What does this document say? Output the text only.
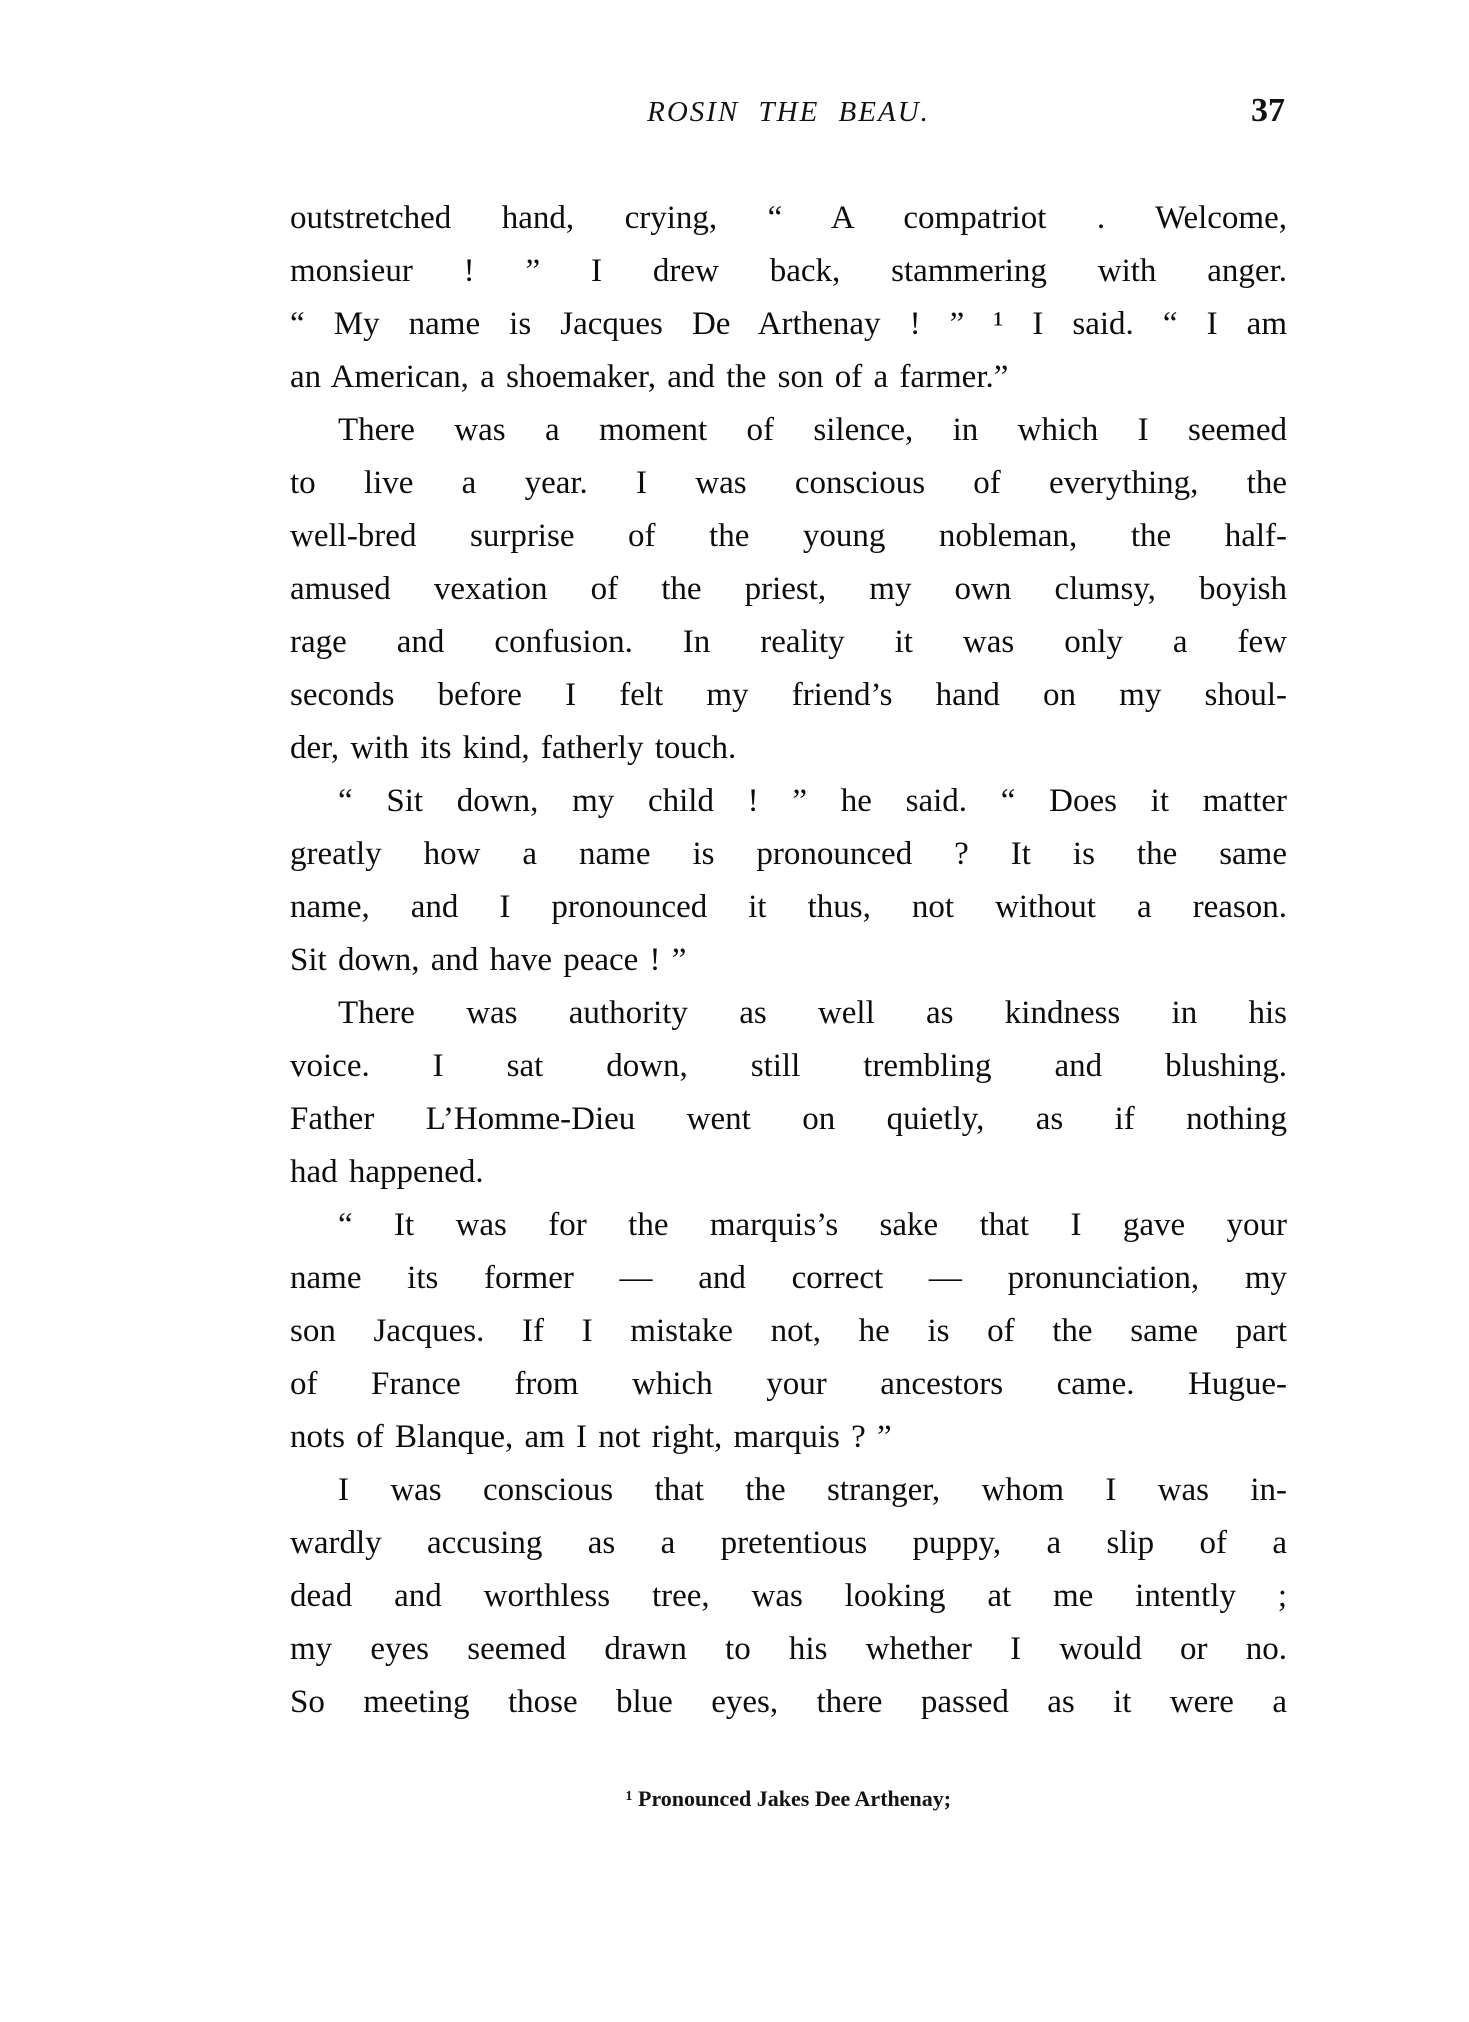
ROSIN THE BEAU.	37
outstretched hand, crying, “ A compatriot . Welcome,
monsieur ! ” I drew back, stammering with anger.
“ My name is Jacques De Arthenay ! ” ¹ I said. “ I am
an American, a shoemaker, and the son of a farmer.”
There was a moment of silence, in which I seemed
to live a year. I was conscious of everything, the
well-bred surprise of the young nobleman, the half-
amused vexation of the priest, my own clumsy, boyish
rage and confusion. In reality it was only a few
seconds before I felt my friend’s hand on my shoul-
der, with its kind, fatherly touch.
“ Sit down, my child ! ” he said. “ Does it matter
greatly how a name is pronounced ? It is the same
name, and I pronounced it thus, not without a reason.
Sit down, and have peace ! ”
There was authority as well as kindness in his
voice. I sat down, still trembling and blushing.
Father L’Homme-Dieu went on quietly, as if nothing
had happened.
“ It was for the marquis’s sake that I gave your
name its former — and correct — pronunciation, my
son Jacques. If I mistake not, he is of the same part
of France from which your ancestors came. Hugue-
nots of Blanque, am I not right, marquis ? ”
I was conscious that the stranger, whom I was in-
wardly accusing as a pretentious puppy, a slip of a
dead and worthless tree, was looking at me intently ;
my eyes seemed drawn to his whether I would or no.
So meeting those blue eyes, there passed as it were a
¹ Pronounced Jakes Dee Arthenay;
